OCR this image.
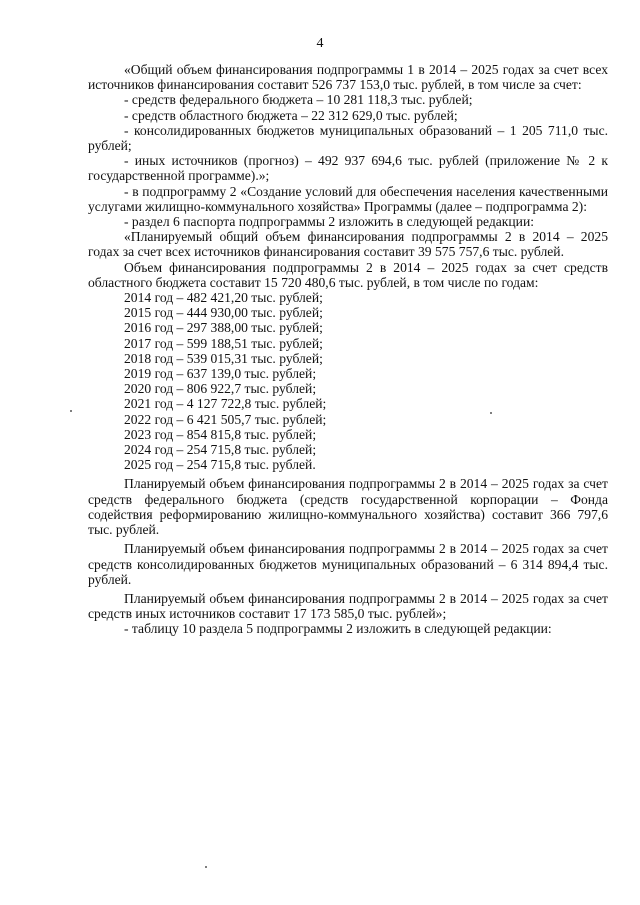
4

«Общий объем финансирования подпрограммы 1 в 2014 – 2025 годах за счет всех источников финансирования составит 526 737 153,0 тыс. рублей, в том числе за счет:

- средств федерального бюджета – 10 281 118,3 тыс. рублей;

- средств областного бюджета – 22 312 629,0 тыс. рублей;

- консолидированных бюджетов муниципальных образований – 1 205 711,0 тыс. рублей;

- иных источников (прогноз) – 492 937 694,6 тыс. рублей (приложение № 2 к государственной программе).»;

- в подпрограмму 2 «Создание условий для обеспечения населения качественными услугами жилищно-коммунального хозяйства» Программы (далее – подпрограмма 2):

- раздел 6 паспорта подпрограммы 2 изложить в следующей редакции:

«Планируемый общий объем финансирования подпрограммы 2 в 2014 – 2025 годах за счет всех источников финансирования составит 39 575 757,6 тыс. рублей.

Объем финансирования подпрограммы 2 в 2014 – 2025 годах за счет средств областного бюджета составит 15 720 480,6 тыс. рублей, в том числе по годам:

2014 год – 482 421,20 тыс. рублей;
2015 год – 444 930,00 тыс. рублей;
2016 год – 297 388,00 тыс. рублей;
2017 год – 599 188,51 тыс. рублей;
2018 год – 539 015,31 тыс. рублей;
2019 год – 637 139,0 тыс. рублей;
2020 год – 806 922,7 тыс. рублей;
2021 год – 4 127 722,8 тыс. рублей;
2022 год – 6 421 505,7 тыс. рублей;
2023 год – 854 815,8 тыс. рублей;
2024 год – 254 715,8 тыс. рублей;
2025 год – 254 715,8 тыс. рублей.

Планируемый объем финансирования подпрограммы 2 в 2014 – 2025 годах за счет средств федерального бюджета (средств государственной корпорации – Фонда содействия реформированию жилищно-коммунального хозяйства) составит 366 797,6 тыс. рублей.

Планируемый объем финансирования подпрограммы 2 в 2014 – 2025 годах за счет средств консолидированных бюджетов муниципальных образований – 6 314 894,4 тыс. рублей.

Планируемый объем финансирования подпрограммы 2 в 2014 – 2025 годах за счет средств иных источников составит 17 173 585,0 тыс. рублей»;

- таблицу 10 раздела 5 подпрограммы 2 изложить в следующей редакции:
